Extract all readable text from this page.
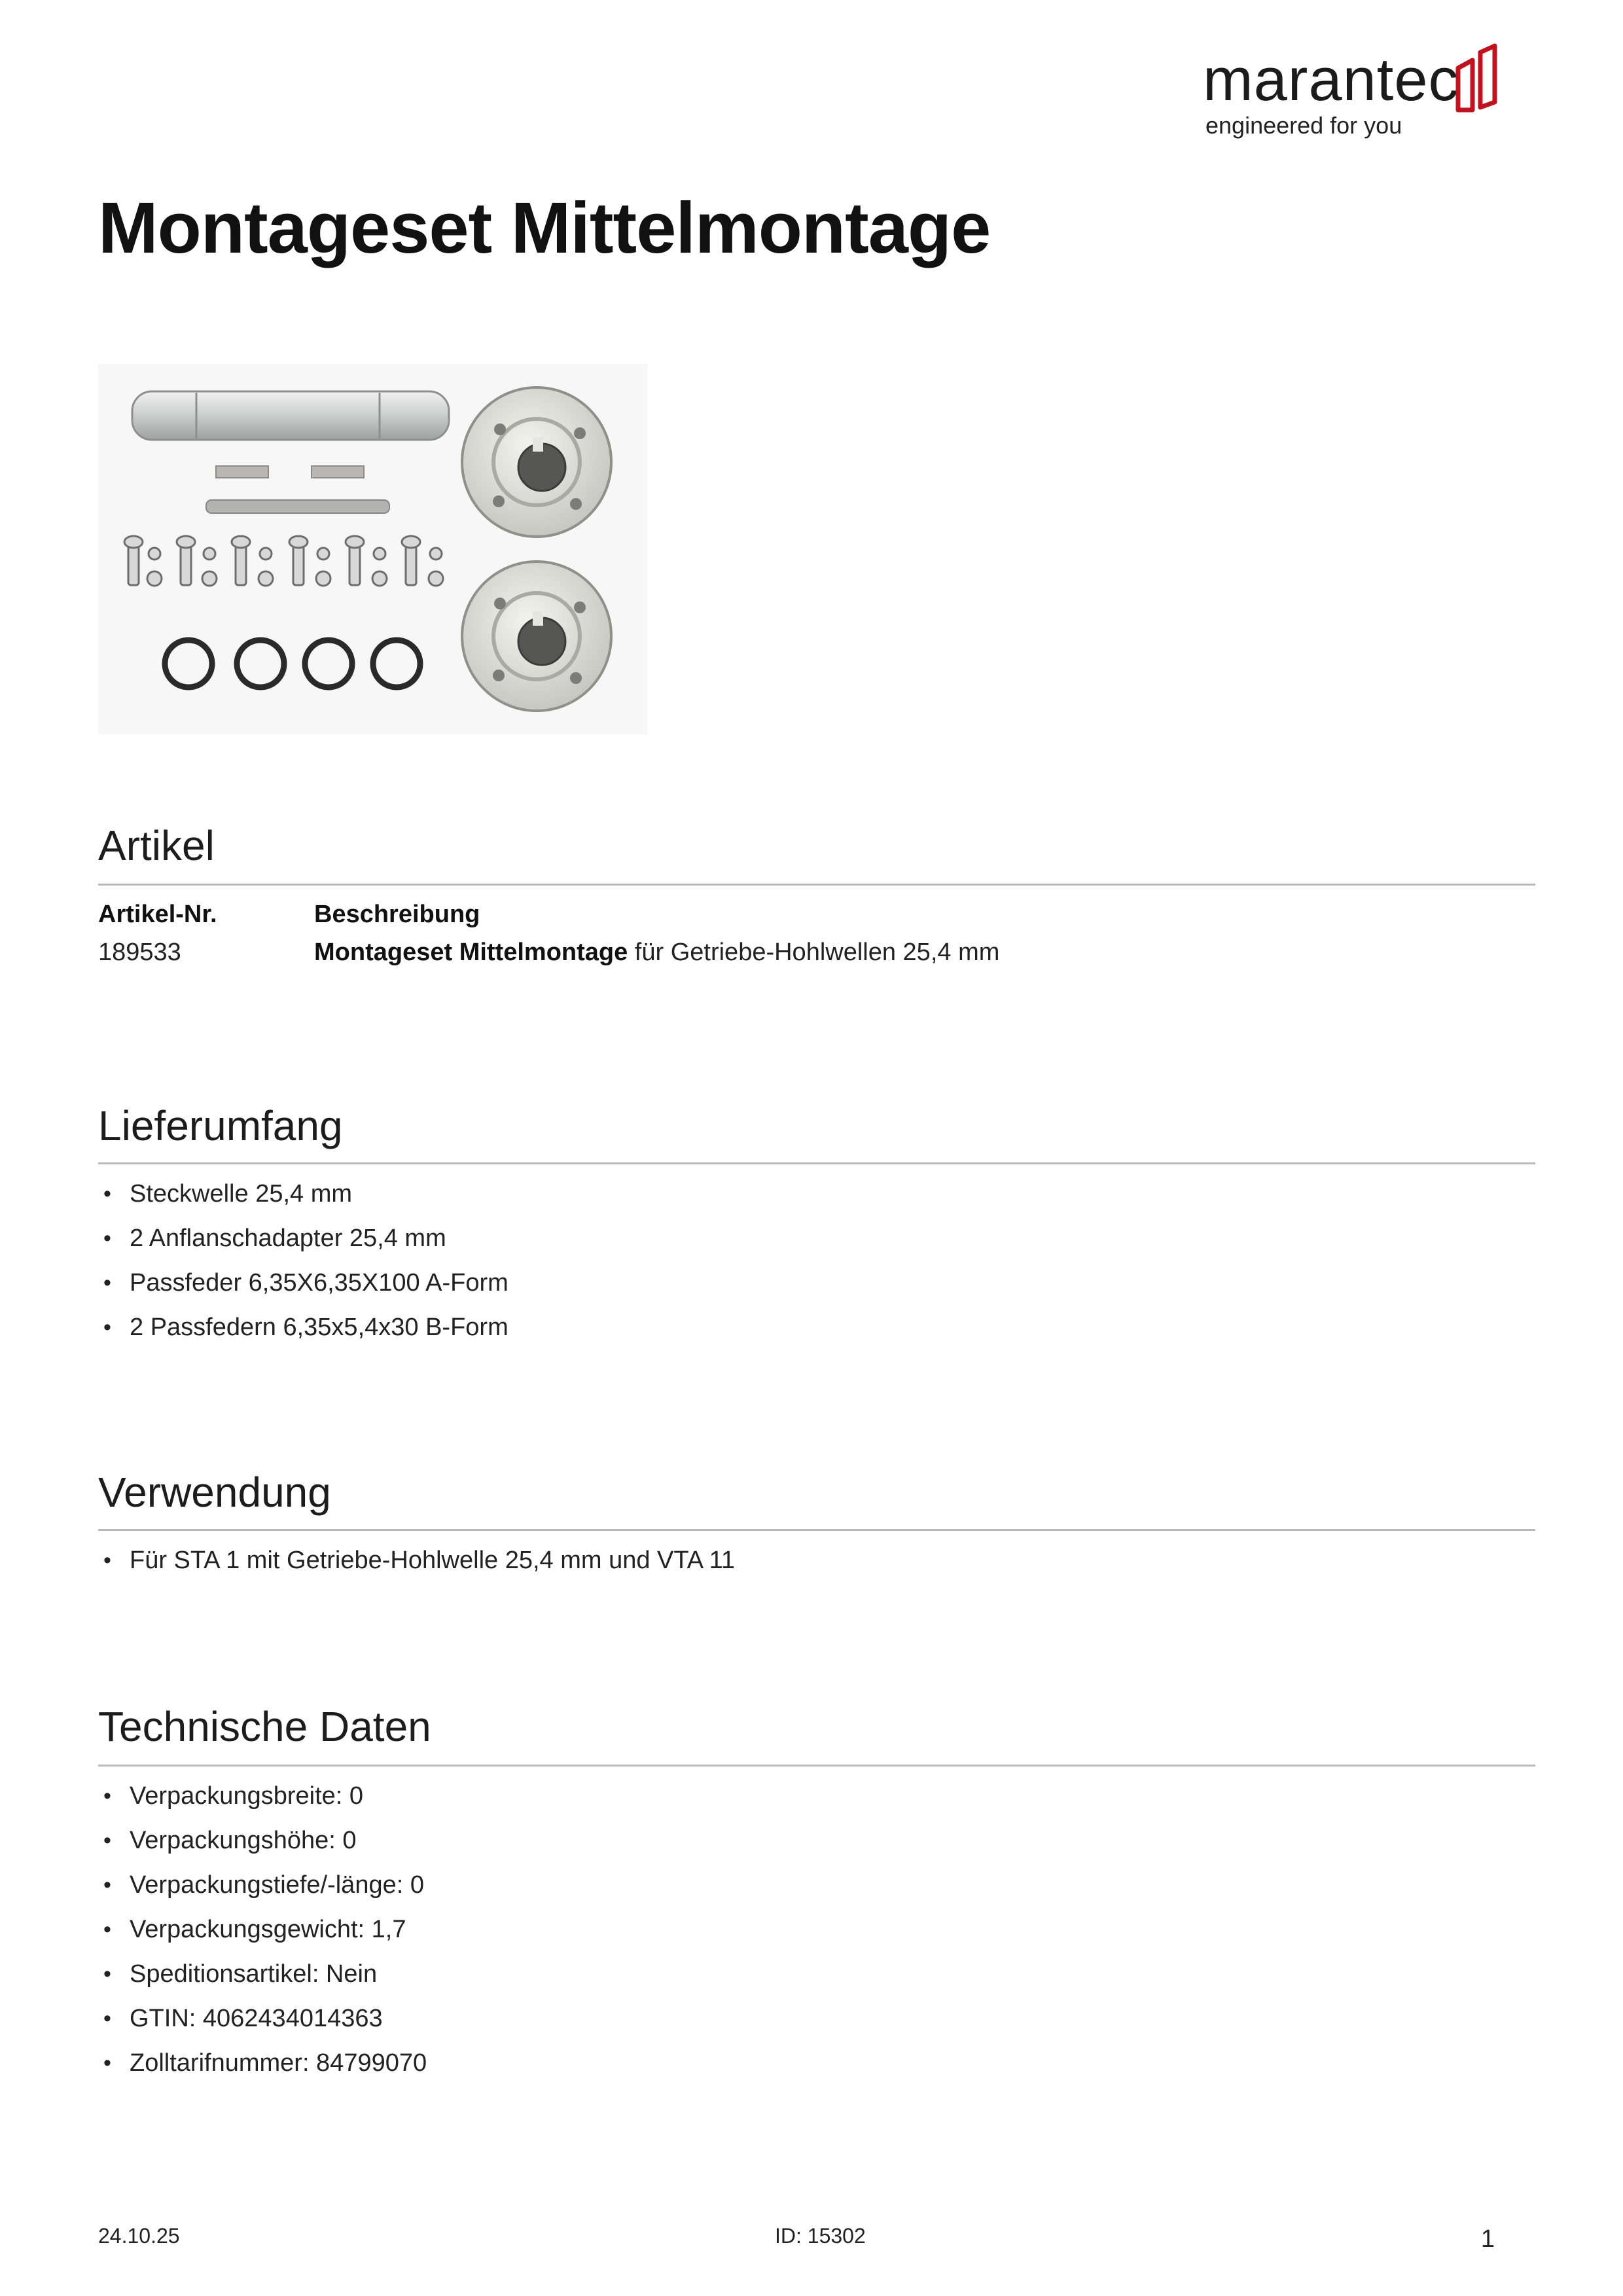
marantec
engineered for you
Montageset Mittelmontage
Artikel
Artikel-Nr.	Beschreibung
189533	Montageset Mittelmontage für Getriebe-Hohlwellen 25,4 mm
Lieferumfang
• Steckwelle 25,4 mm
• 2 Anflanschadapter 25,4 mm
• Passfeder 6,35X6,35X100 A-Form
• 2 Passfedern 6,35x5,4x30 B-Form
Verwendung
• Für STA 1 mit Getriebe-Hohlwelle 25,4 mm und VTA 11
Technische Daten
• Verpackungsbreite: 0
• Verpackungshöhe: 0
• Verpackungstiefe/-länge: 0
• Verpackungsgewicht: 1,7
• Speditionsartikel: Nein
• GTIN: 4062434014363
• Zolltarifnummer: 84799070
24.10.25	ID: 15302	1
